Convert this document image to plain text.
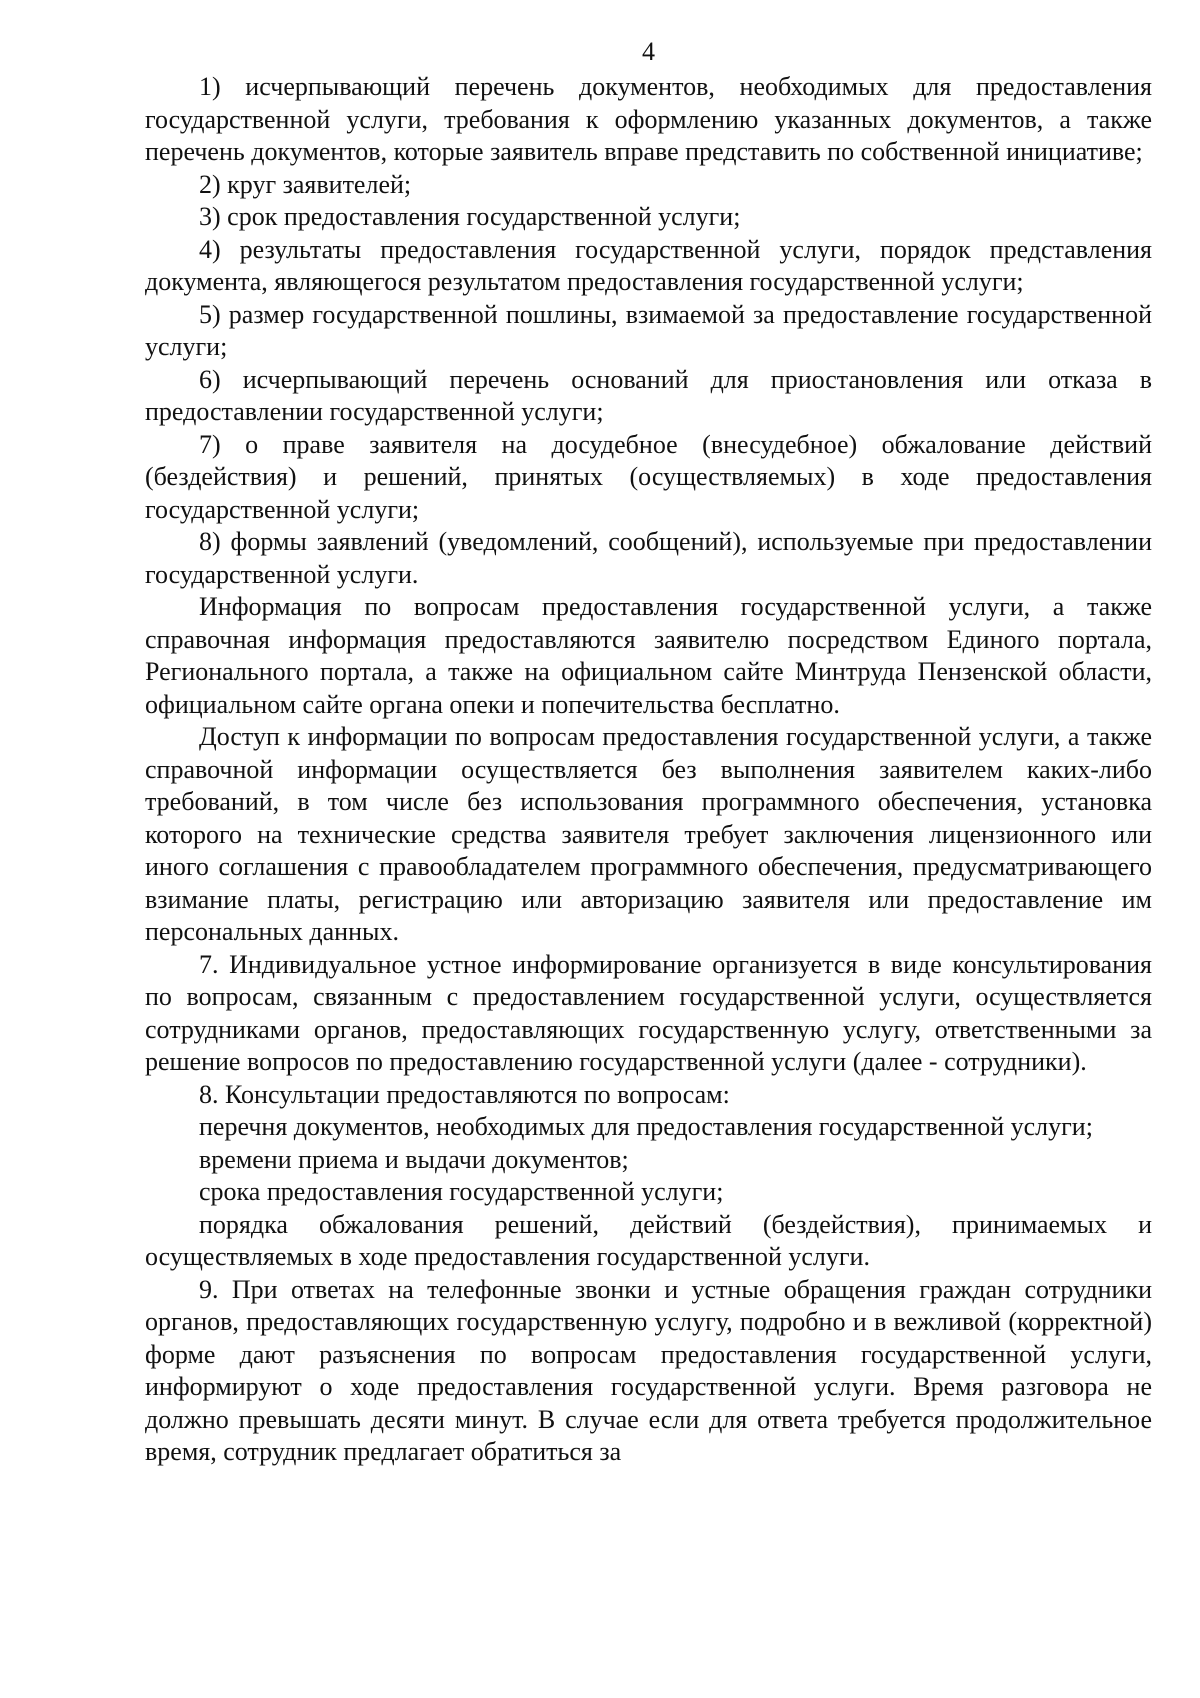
4

1) исчерпывающий перечень документов, необходимых для предоставления государственной услуги, требования к оформлению указанных документов, а также перечень документов, которые заявитель вправе представить по собственной инициативе;

2) круг заявителей;

3) срок предоставления государственной услуги;

4) результаты предоставления государственной услуги, порядок представления документа, являющегося результатом предоставления государственной услуги;

5) размер государственной пошлины, взимаемой за предоставление государственной услуги;

6) исчерпывающий перечень оснований для приостановления или отказа в предоставлении государственной услуги;

7) о праве заявителя на досудебное (внесудебное) обжалование действий (бездействия) и решений, принятых (осуществляемых) в ходе предоставления государственной услуги;

8) формы заявлений (уведомлений, сообщений), используемые при предоставлении государственной услуги.

Информация по вопросам предоставления государственной услуги, а также справочная информация предоставляются заявителю посредством Единого портала, Регионального портала, а также на официальном сайте Минтруда Пензенской области, официальном сайте органа опеки и попечительства бесплатно.

Доступ к информации по вопросам предоставления государственной услуги, а также справочной информации осуществляется без выполнения заявителем каких-либо требований, в том числе без использования программного обеспечения, установка которого на технические средства заявителя требует заключения лицензионного или иного соглашения с правообладателем программного обеспечения, предусматривающего взимание платы, регистрацию или авторизацию заявителя или предоставление им персональных данных.

7. Индивидуальное устное информирование организуется в виде консультирования по вопросам, связанным с предоставлением государственной услуги, осуществляется сотрудниками органов, предоставляющих государственную услугу, ответственными за решение вопросов по предоставлению государственной услуги (далее - сотрудники).

8. Консультации предоставляются по вопросам:

перечня документов, необходимых для предоставления государственной услуги;

времени приема и выдачи документов;

срока предоставления государственной услуги;

порядка обжалования решений, действий (бездействия), принимаемых и осуществляемых в ходе предоставления государственной услуги.

9. При ответах на телефонные звонки и устные обращения граждан сотрудники органов, предоставляющих государственную услугу, подробно и в вежливой (корректной) форме дают разъяснения по вопросам предоставления государственной услуги, информируют о ходе предоставления государственной услуги. Время разговора не должно превышать десяти минут. В случае если для ответа требуется продолжительное время, сотрудник предлагает обратиться за
